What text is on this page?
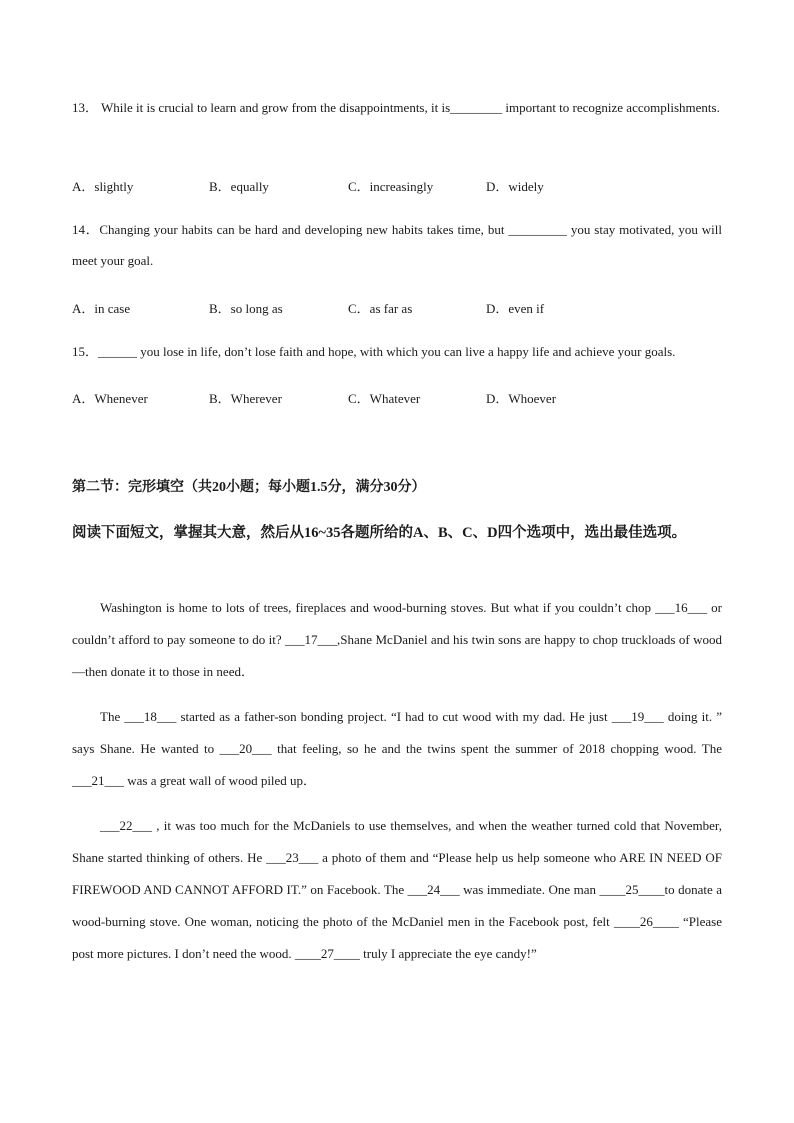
13． While it is crucial to learn and grow from the disappointments, it is________ important to recognize accomplishments.
A．slightly	B．equally	C．increasingly	D．widely
14．Changing your habits can be hard and developing new habits takes time, but _________ you stay motivated, you will meet your goal.
A．in case	B．so long as	C．as far as	D．even if
15．______ you lose in life, don’t lose faith and hope, with which you can live a happy life and achieve your goals.
A．Whenever	B．Wherever	C．Whatever	D．Whoever
第二节：完形填空（共20小题；每小题1.5分，满分30分）
阅读下面短文，掌握其大意，然后从16~35各题所给的A、B、C、D四个选项中，选出最佳选项。
Washington is home to lots of trees, fireplaces and wood-burning stoves. But what if you couldn’t chop ___16___ or couldn’t afford to pay someone to do it? ___17___,Shane McDaniel and his twin sons are happy to chop truckloads of wood—then donate it to those in need．
The ___18___ started as a father-son bonding project. “I had to cut wood with my dad. He just ___19___ doing it. ” says Shane. He wanted to ___20___ that feeling, so he and the twins spent the summer of 2018 chopping wood. The ___21___ was a great wall of wood piled up．
___22___ , it was too much for the McDaniels to use themselves, and when the weather turned cold that November, Shane started thinking of others. He ___23___ a photo of them and “Please help us help someone who ARE IN NEED OF FIREWOOD AND CANNOT AFFORD IT.” on Facebook. The ___24___ was immediate. One man ____25____to donate a wood-burning stove. One woman, noticing the photo of the McDaniel men in the Facebook post, felt ____26____ “Please post more pictures. I don’t need the wood. ____27____ truly I appreciate the eye candy!”
